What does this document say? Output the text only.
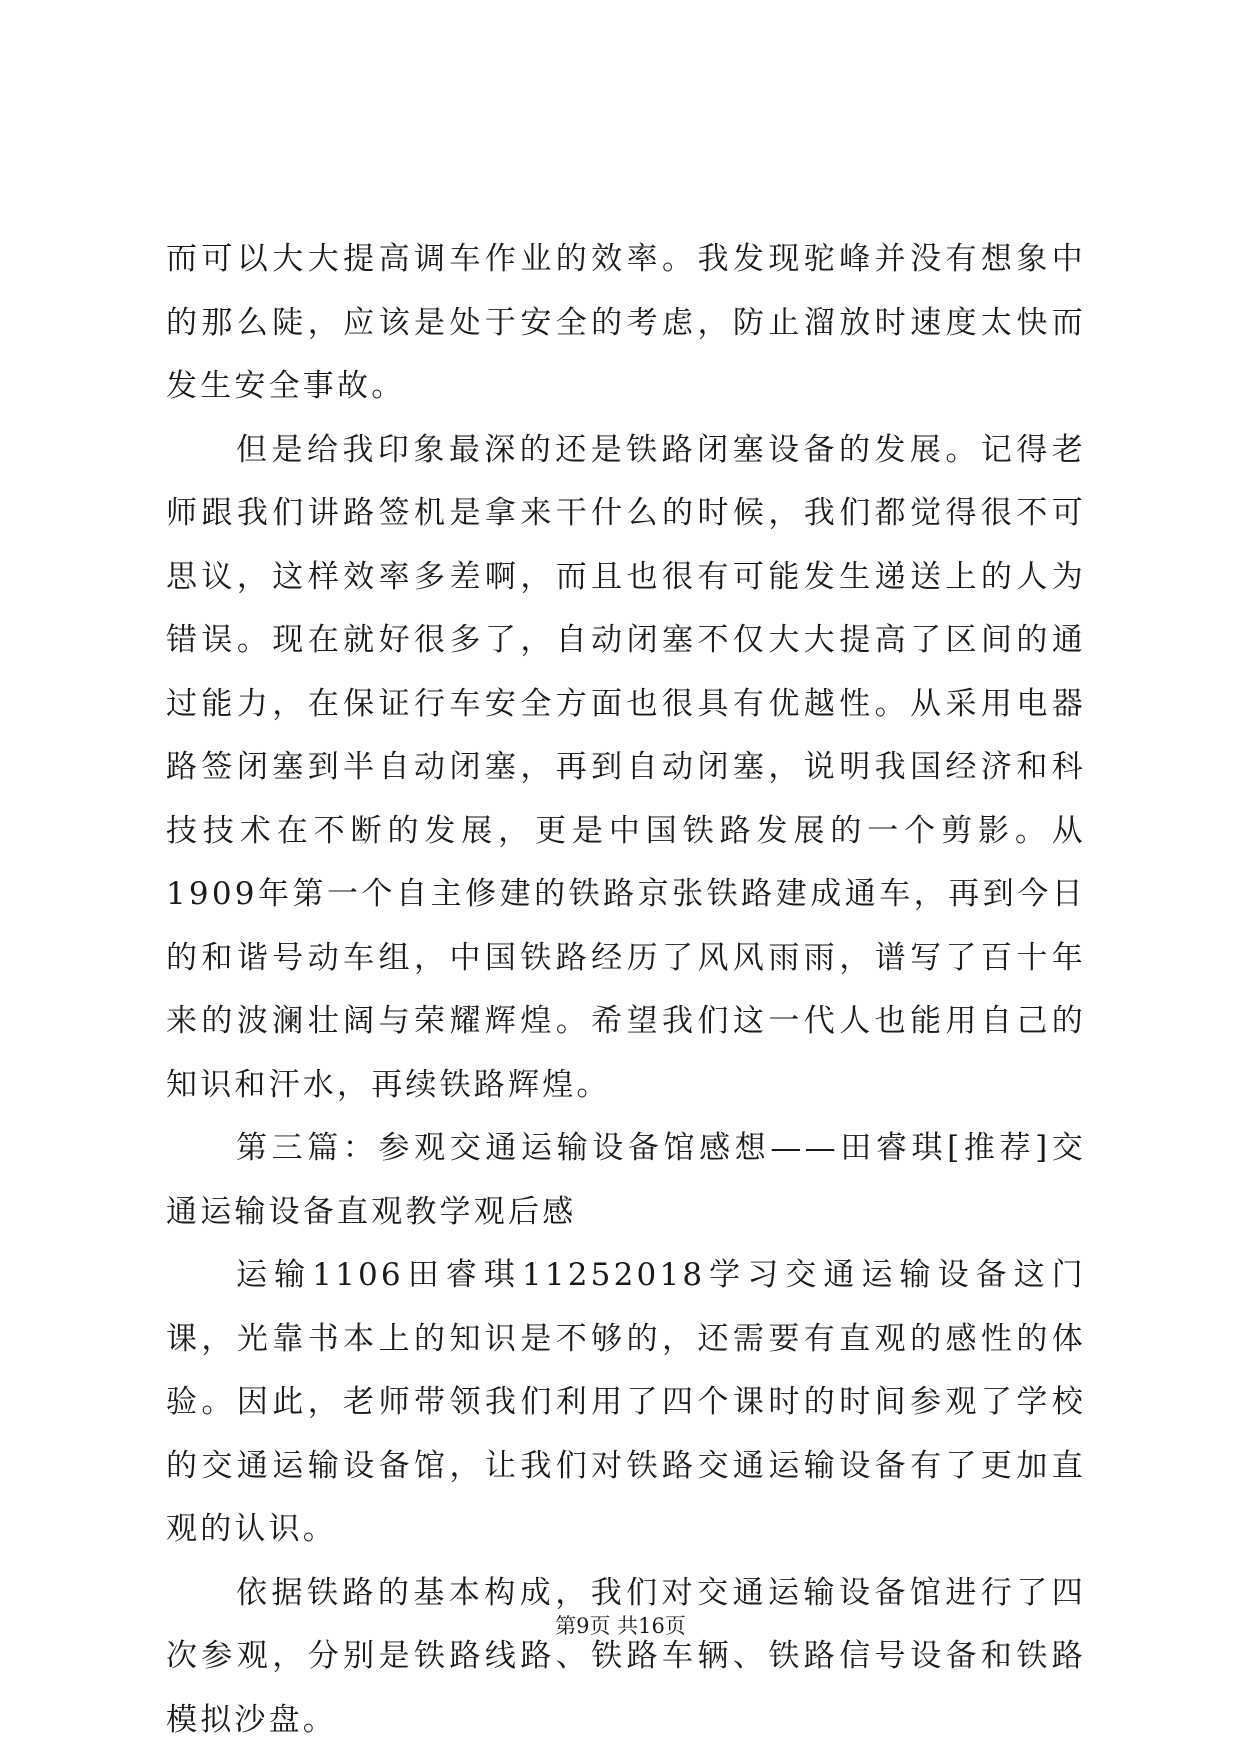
而可以大大提高调车作业的效率。我发现驼峰并没有想象中的那么陡，应该是处于安全的考虑，防止溜放时速度太快而发生安全事故。

但是给我印象最深的还是铁路闭塞设备的发展。记得老师跟我们讲路签机是拿来干什么的时候，我们都觉得很不可思议，这样效率多差啊，而且也很有可能发生递送上的人为错误。现在就好很多了，自动闭塞不仅大大提高了区间的通过能力，在保证行车安全方面也很具有优越性。从采用电器路签闭塞到半自动闭塞，再到自动闭塞，说明我国经济和科技技术在不断的发展，更是中国铁路发展的一个剪影。从1909年第一个自主修建的铁路京张铁路建成通车，再到今日的和谐号动车组，中国铁路经历了风风雨雨，谱写了百十年来的波澜壮阔与荣耀辉煌。希望我们这一代人也能用自己的知识和汗水，再续铁路辉煌。

第三篇：参观交通运输设备馆感想——田睿琪[推荐]交通运输设备直观教学观后感

运输1106田睿琪11252018学习交通运输设备这门课，光靠书本上的知识是不够的，还需要有直观的感性的体验。因此，老师带领我们利用了四个课时的时间参观了学校的交通运输设备馆，让我们对铁路交通运输设备有了更加直观的认识。

依据铁路的基本构成，我们对交通运输设备馆进行了四次参观，分别是铁路线路、铁路车辆、铁路信号设备和铁路模拟沙盘。

第9页 共16页
